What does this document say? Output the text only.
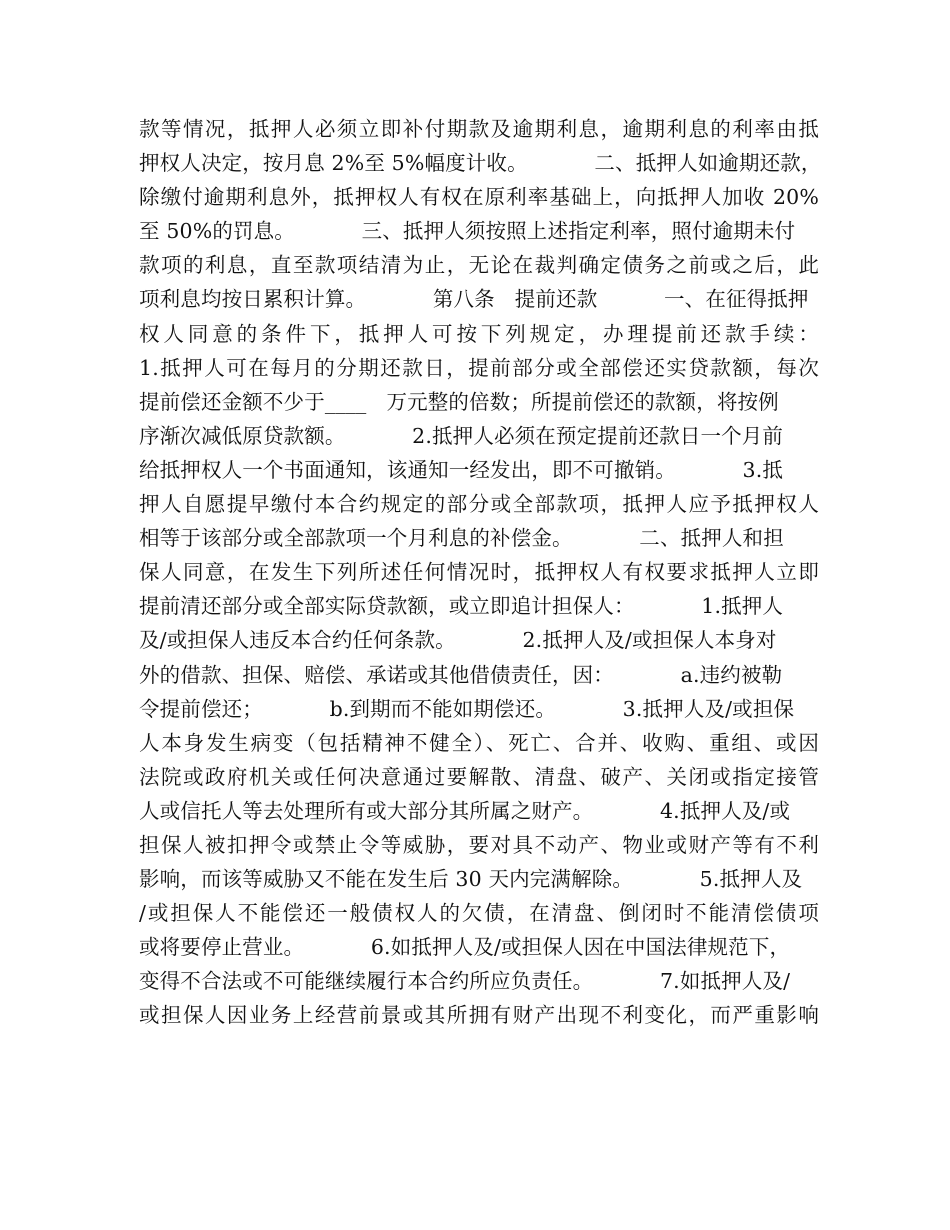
款等情况，抵押人必须立即补付期款及逾期利息，逾期利息的利率由抵
押权人决定，按月息 2%至 5%幅度计收。          二、抵押人如逾期还款，
除缴付逾期利息外，抵押权人有权在原利率基础上，向抵押人加收 20%
至 50%的罚息。          三、抵押人须按照上述指定利率，照付逾期未付
款项的利息，直至款项结清为止，无论在裁判确定债务之前或之后，此
项利息均按日累积计算。          第八条   提前还款          一、在征得抵押
权人同意的条件下，抵押人可按下列规定，办理提前还款手续：
1.抵押人可在每月的分期还款日，提前部分或全部偿还实贷款额，每次
提前偿还金额不少于____   万元整的倍数；所提前偿还的款额，将按例
序渐次减低原贷款额。          2.抵押人必须在预定提前还款日一个月前
给抵押权人一个书面通知，该通知一经发出，即不可撤销。          3.抵
押人自愿提早缴付本合约规定的部分或全部款项，抵押人应予抵押权人
相等于该部分或全部款项一个月利息的补偿金。          二、抵押人和担
保人同意，在发生下列所述任何情况时，抵押权人有权要求抵押人立即
提前清还部分或全部实际贷款额，或立即追计担保人：          1.抵押人
及/或担保人违反本合约任何条款。          2.抵押人及/或担保人本身对
外的借款、担保、赔偿、承诺或其他借债责任，因：          a.违约被勒
令提前偿还；          b.到期而不能如期偿还。          3.抵押人及/或担保
人本身发生病变（包括精神不健全）、死亡、合并、收购、重组、或因
法院或政府机关或任何决意通过要解散、清盘、破产、关闭或指定接管
人或信托人等去处理所有或大部分其所属之财产。          4.抵押人及/或
担保人被扣押令或禁止令等威胁，要对具不动产、物业或财产等有不利
影响，而该等威胁又不能在发生后 30 天内完满解除。          5.抵押人及
/或担保人不能偿还一般债权人的欠债，在清盘、倒闭时不能清偿债项
或将要停止营业。          6.如抵押人及/或担保人因在中国法律规范下，
变得不合法或不可能继续履行本合约所应负责任。          7.如抵押人及/
或担保人因业务上经营前景或其所拥有财产出现不利变化，而严重影响
